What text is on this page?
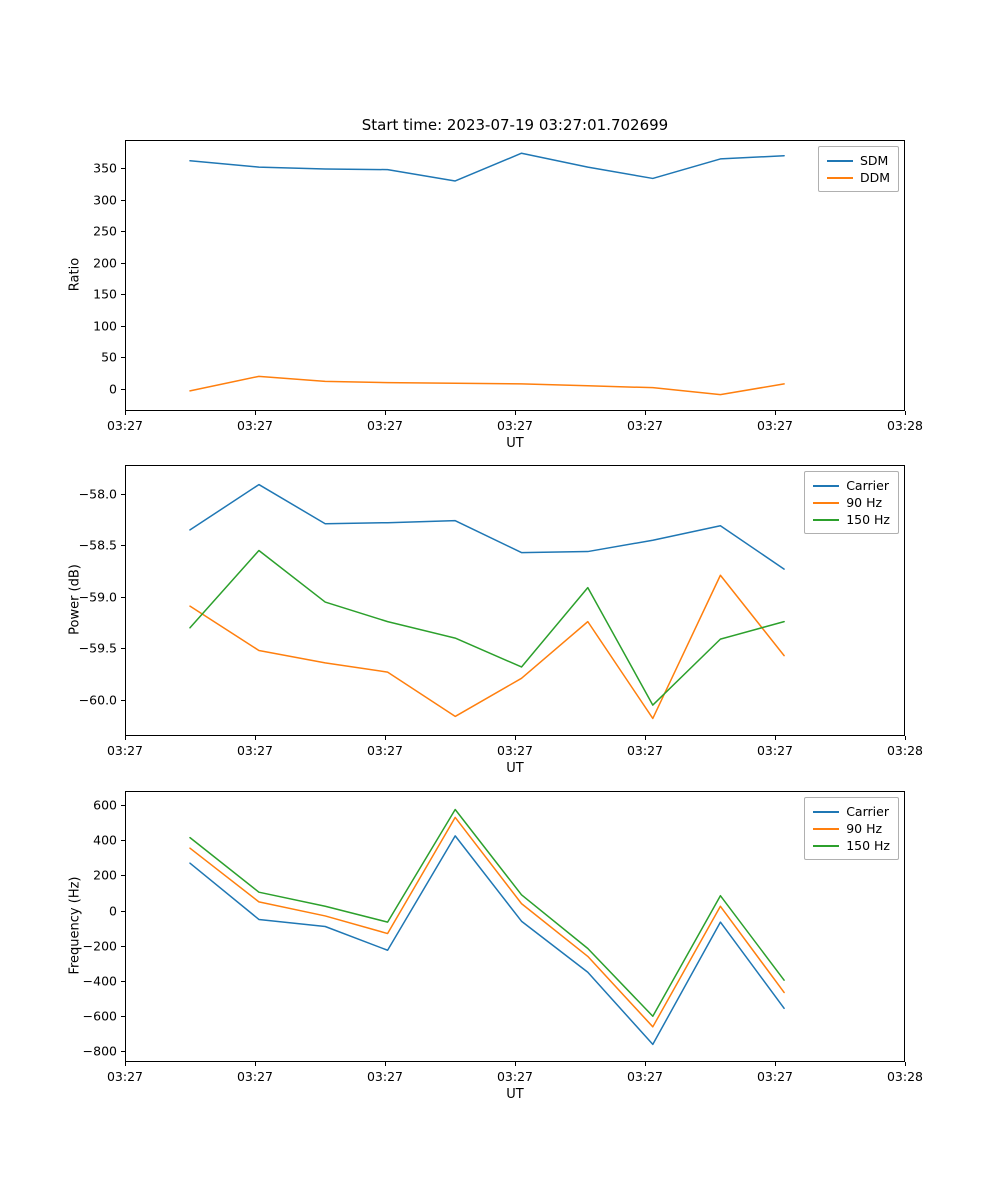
Start time: 2023-07-19 03:27:01.702699
03:27	03:27	03:27	03:27	03:27	03:27	03:28
0
50
100
150
200
250
300
350
Ratio
UT
SDM
DDM
03:27	03:27	03:27	03:27	03:27	03:27	03:28
−60.0
−59.5
−59.0
−58.5
−58.0
Power (dB)
UT
Carrier
90 Hz
150 Hz
03:27	03:27	03:27	03:27	03:27	03:27	03:28
−800
−600
−400
−200
0
200
400
600
Frequency (Hz)
UT
Carrier
90 Hz
150 Hz
